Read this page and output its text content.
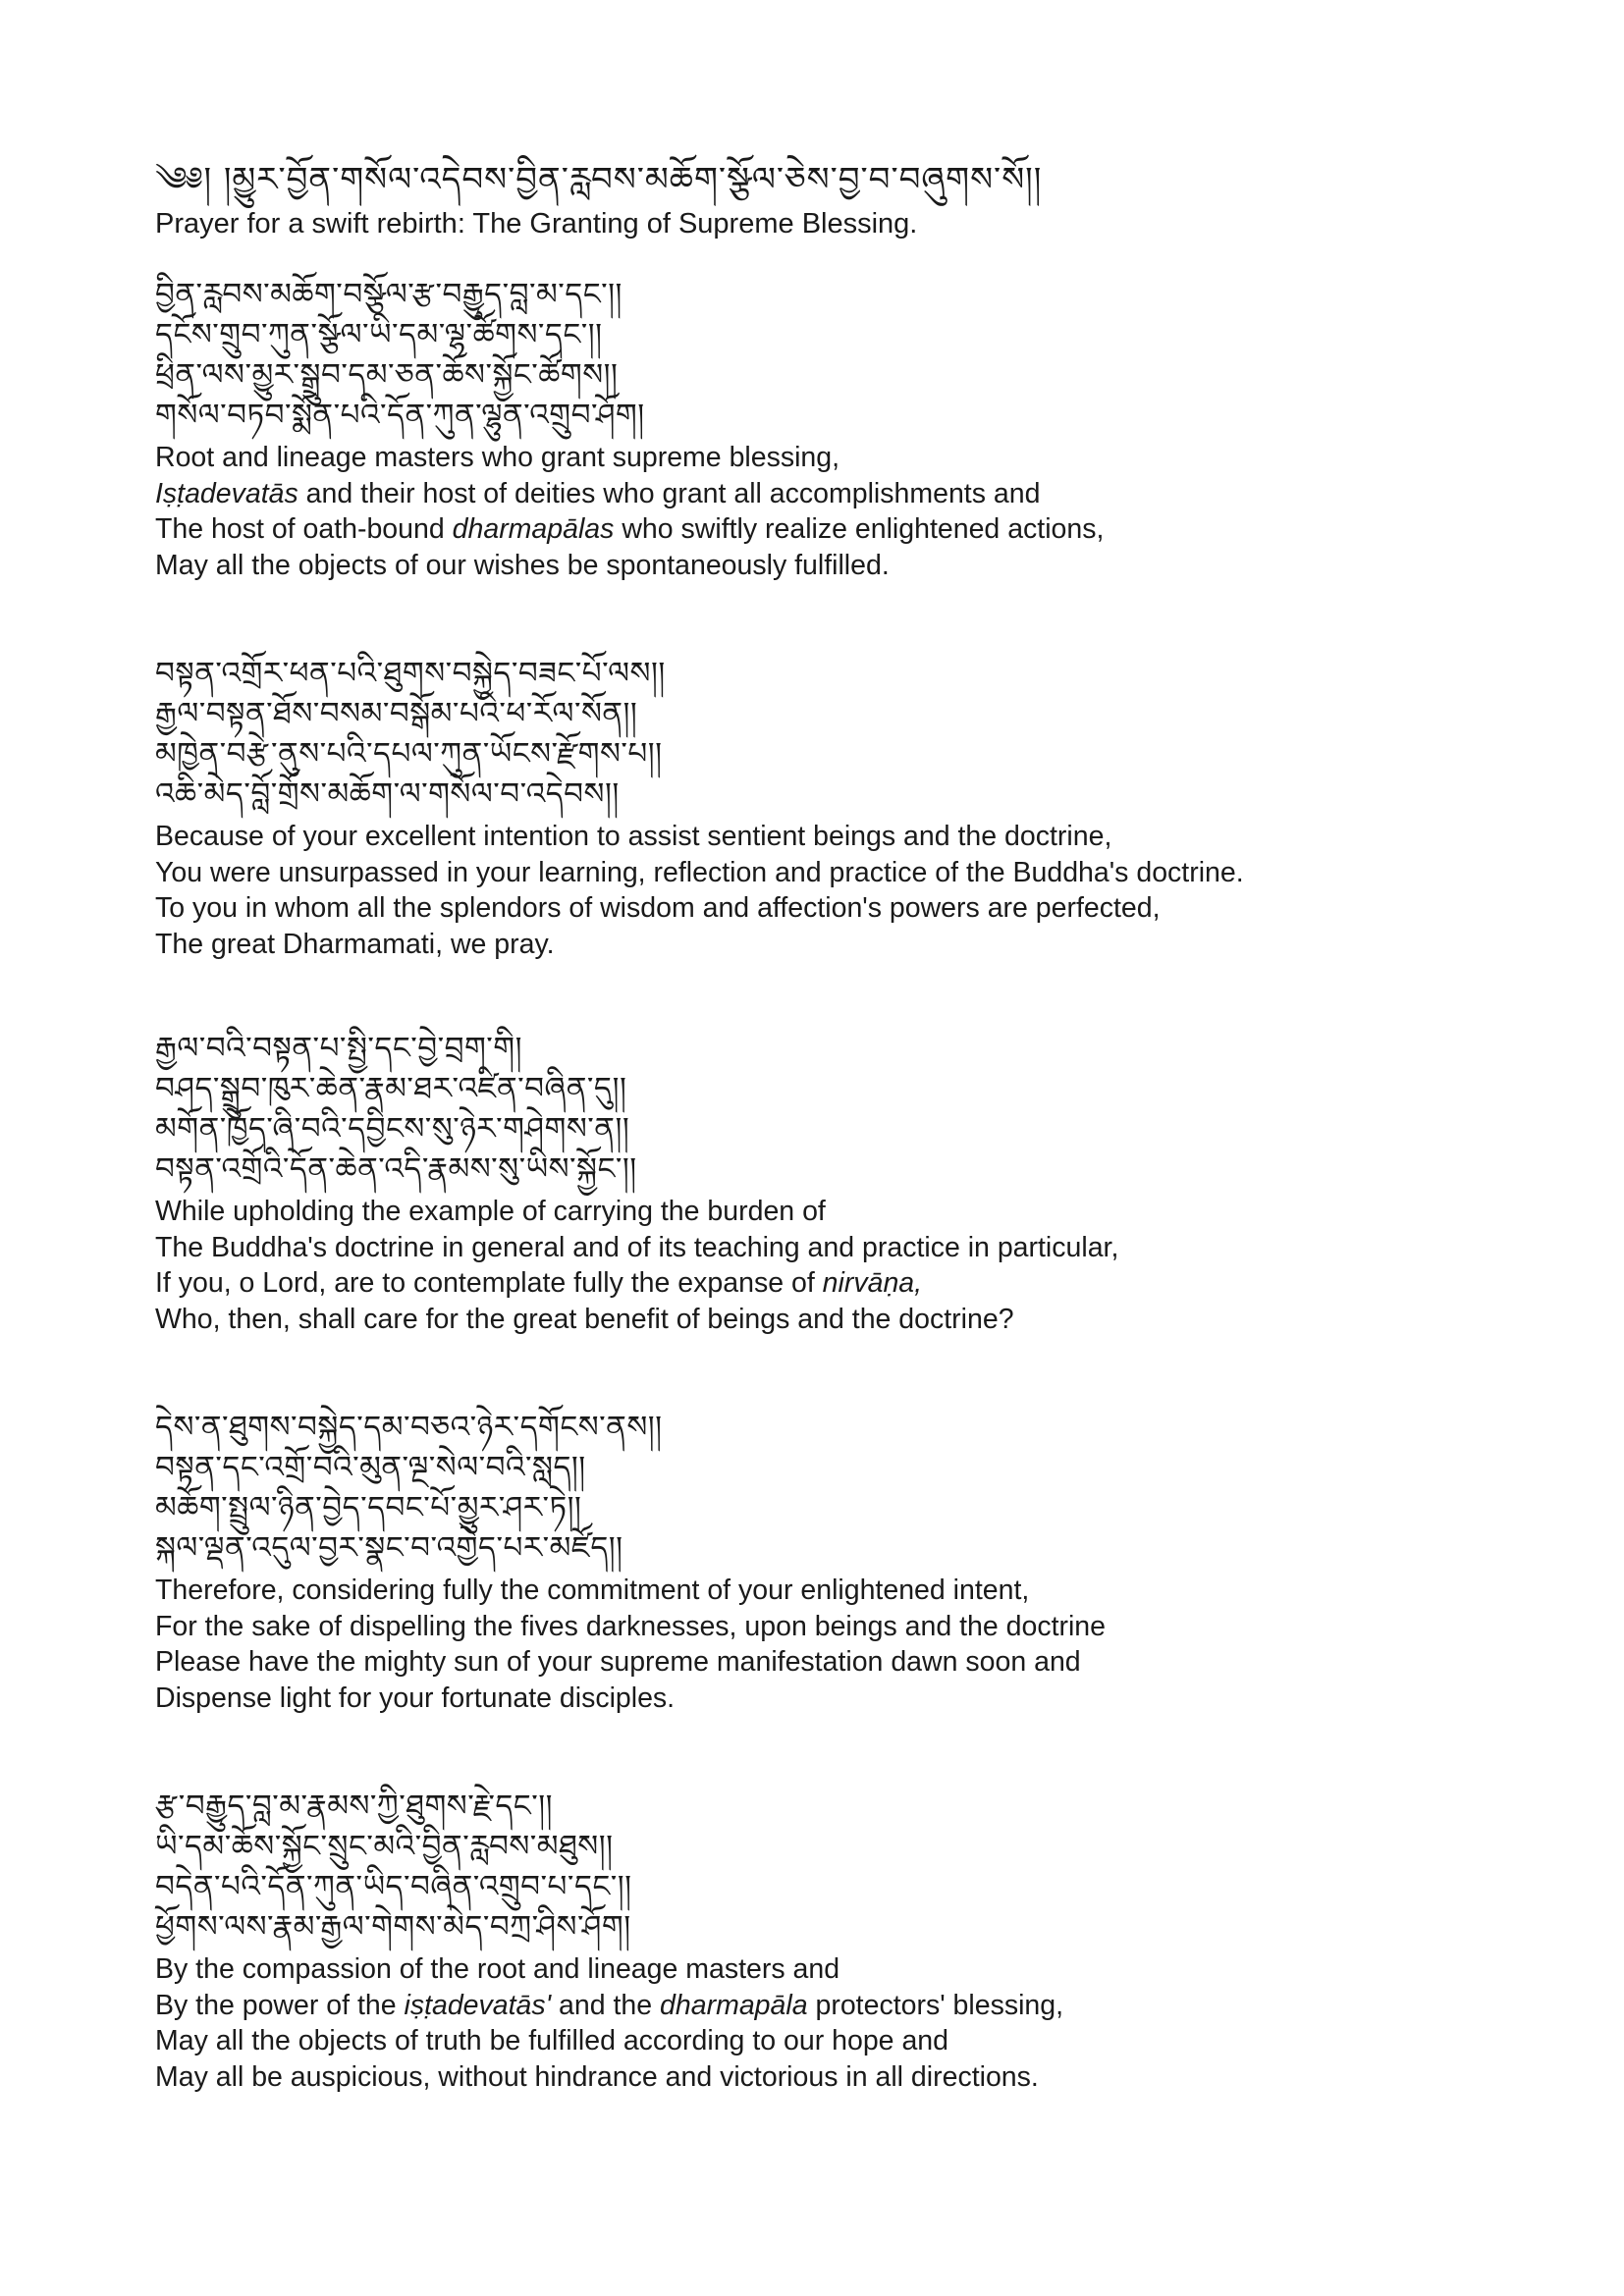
༄༅། །མྱུར་བྱོན་གསོལ་འདེབས་བྱིན་རླབས་མཆོག་སྩོལ་ཅེས་བྱ་བ་བཞུགས་སོ།།
Prayer for a swift rebirth: The Granting of Supreme Blessing.
བྱིན་རླབས་མཆོག་བསྩོལ་རྩ་བརྒྱུད་བླ་མ་དང་།།
དངོས་གྲུབ་ཀུན་སྩོལ་ཡི་དམ་ལྷ་ཚོགས་དང་།།
ཕྲིན་ལས་མྱུར་སྒྲུབ་དམ་ཅན་ཆོས་སྐྱོང་ཚོགས།།
གསོལ་བཏབ་སྨོན་པའི་དོན་ཀུན་ལྷུན་འགྲུབ་ཤོག།
Root and lineage masters who grant supreme blessing,
Iṣṭadevatās and their host of deities who grant all accomplishments and
The host of oath-bound dharmapālas who swiftly realize enlightened actions,
May all the objects of our wishes be spontaneously fulfilled.
བསྟན་འགྲོར་ཕན་པའི་ཐུགས་བསྐྱེད་བཟང་པོ་ལས།།
རྒྱལ་བསྟན་ཐོས་བསམ་བསྒོམ་པའི་ཕ་རོལ་སོན།།
མཁྱེན་བརྩེ་ནུས་པའི་དཔལ་ཀུན་ཡོངས་རྫོགས་པ།།
འཆི་མེད་བློ་གྲོས་མཆོག་ལ་གསོལ་བ་འདེབས།།
Because of your excellent intention to assist sentient beings and the doctrine,
You were unsurpassed in your learning, reflection and practice of the Buddha's doctrine.
To you in whom all the splendors of wisdom and affection's powers are perfected,
The great Dharmamati, we pray.
རྒྱལ་བའི་བསྟན་པ་སྤྱི་དང་བྱེ་བྲག་གི།
བཤད་སྒྲུབ་ཁུར་ཆེན་རྣམ་ཐར་འཛིན་བཞིན་དུ།།
མགོན་ཁྱོད་ཞི་བའི་དབྱིངས་སུ་ཉེར་གཤེགས་ན།།
བསྟན་འགྲོའི་དོན་ཆེན་འདི་རྣམས་སུ་ཡིས་སྐྱོང་།།
While upholding the example of carrying the burden of
The Buddha's doctrine in general and of its teaching and practice in particular,
If you, o Lord, are to contemplate fully the expanse of nirvāṇa,
Who, then, shall care for the great benefit of beings and the doctrine?
དེས་ན་ཐུགས་བསྐྱེད་དམ་བཅའ་ཉེར་དགོངས་ནས།།
བསྟན་དང་འགྲོ་བའི་མུན་ལྔ་སེལ་བའི་སླད།།
མཆོག་སྤྲུལ་ཉིན་བྱེད་དབང་པོ་མྱུར་ཤར་ཏེ།།
སྐལ་ལྡན་འདུལ་བྱར་སྣང་བ་འགྱེད་པར་མཛོད།།
Therefore, considering fully the commitment of your enlightened intent,
For the sake of dispelling the fives darknesses, upon beings and the doctrine
Please have the mighty sun of your supreme manifestation dawn soon and
Dispense light for your fortunate disciples.
རྩ་བརྒྱུད་བླ་མ་རྣམས་ཀྱི་ཐུགས་རྗེ་དང་།།
ཡི་དམ་ཆོས་སྐྱོང་སྲུང་མའི་བྱིན་རླབས་མཐུས།།
བདེན་པའི་དོན་ཀུན་ཡིད་བཞིན་འགྲུབ་པ་དང་།།
ཕྱོགས་ལས་རྣམ་རྒྱལ་གེགས་མེད་བཀྲ་ཤིས་ཤོག།
By the compassion of the root and lineage masters and
By the power of the iṣṭadevatās' and the dharmapāla protectors' blessing,
May all the objects of truth be fulfilled according to our hope and
May all be auspicious, without hindrance and victorious in all directions.
